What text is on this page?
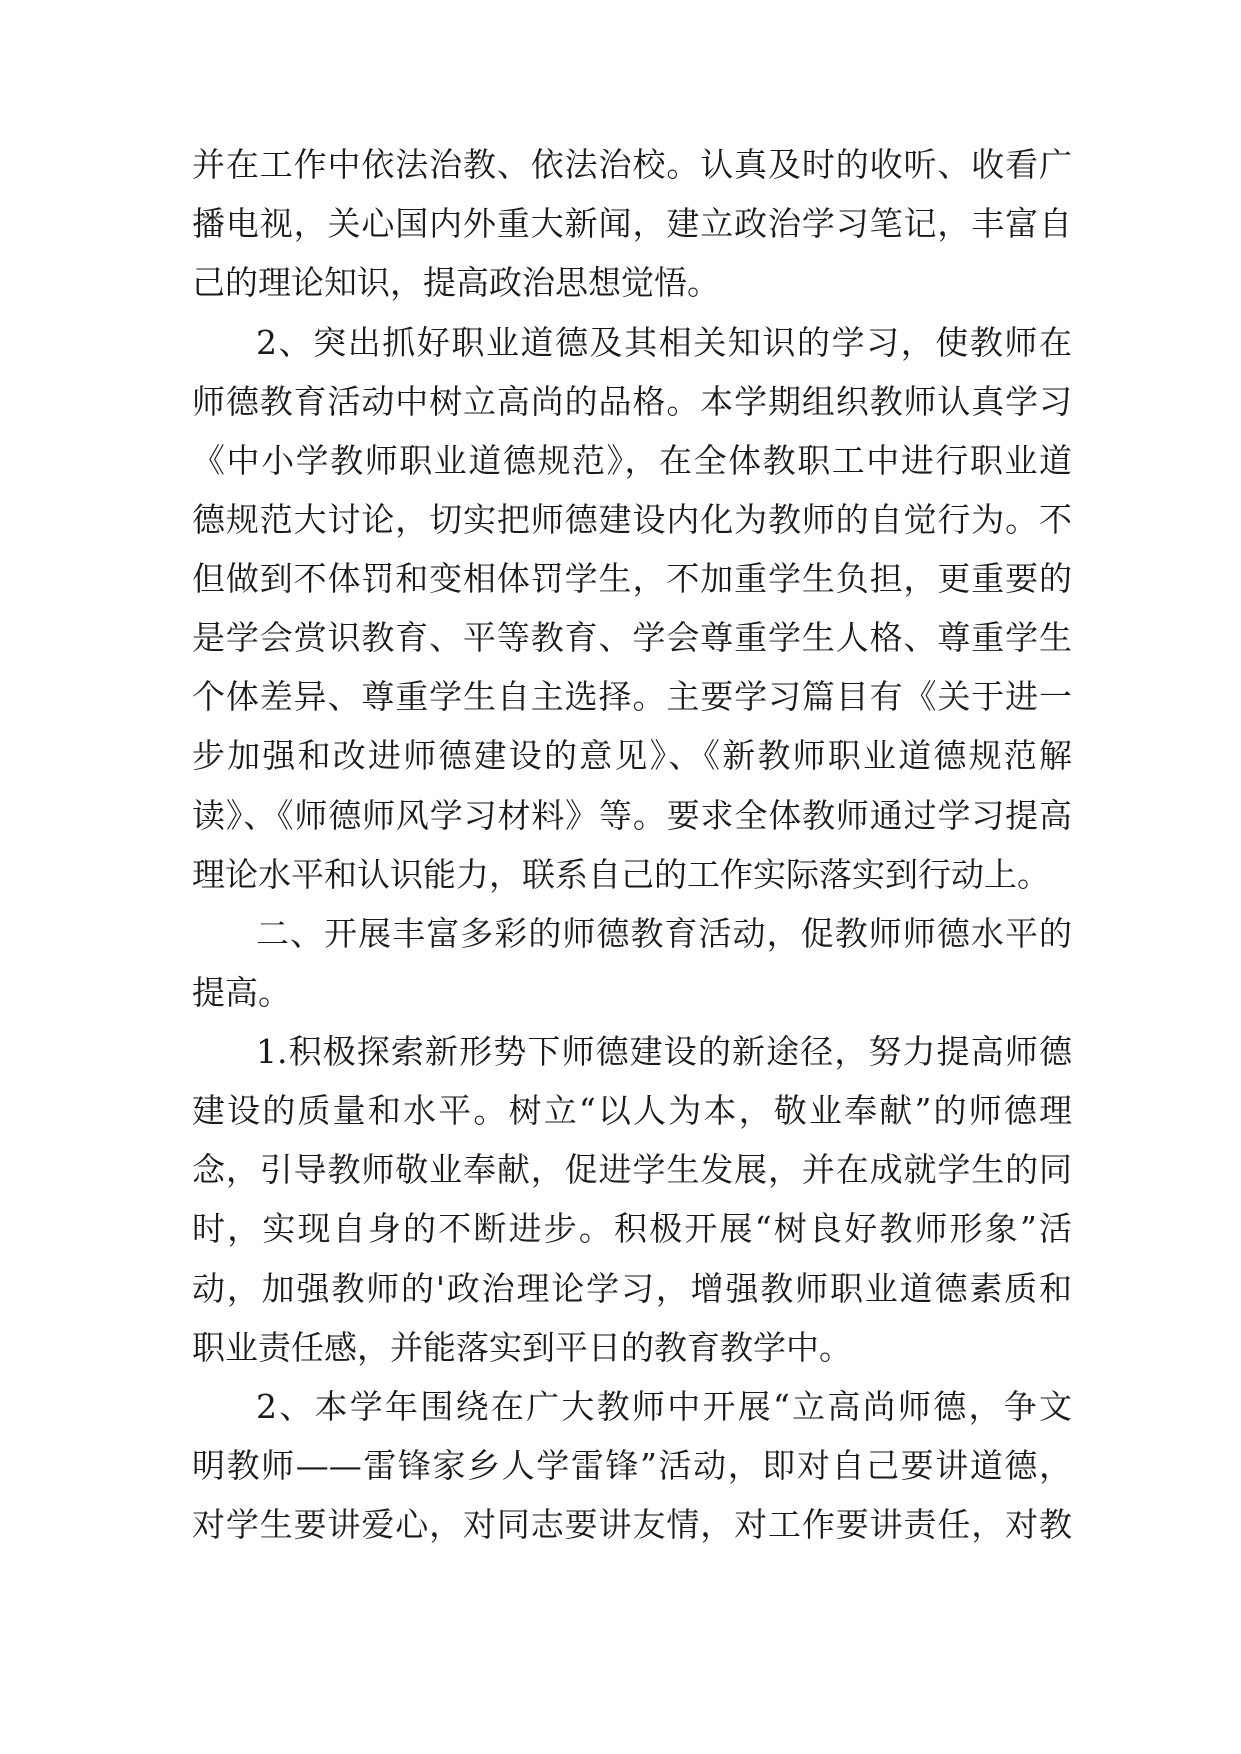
并在工作中依法治教、依法治校。认真及时的收听、收看广
播电视，关心国内外重大新闻，建立政治学习笔记，丰富自
己的理论知识，提高政治思想觉悟。
2、突出抓好职业道德及其相关知识的学习，使教师在
师德教育活动中树立高尚的品格。本学期组织教师认真学习
《中小学教师职业道德规范》，在全体教职工中进行职业道
德规范大讨论，切实把师德建设内化为教师的自觉行为。不
但做到不体罚和变相体罚学生，不加重学生负担，更重要的
是学会赏识教育、平等教育、学会尊重学生人格、尊重学生
个体差异、尊重学生自主选择。主要学习篇目有《关于进一
步加强和改进师德建设的意见》、《新教师职业道德规范解
读》、《师德师风学习材料》等。要求全体教师通过学习提高
理论水平和认识能力，联系自己的工作实际落实到行动上。
二、开展丰富多彩的师德教育活动，促教师师德水平的
提高。
1.积极探索新形势下师德建设的新途径，努力提高师德
建设的质量和水平。树立“以人为本，敬业奉献”的师德理
念，引导教师敬业奉献，促进学生发展，并在成就学生的同
时，实现自身的不断进步。积极开展“树良好教师形象”活
动，加强教师的'政治理论学习，增强教师职业道德素质和
职业责任感，并能落实到平日的教育教学中。
2、本学年围绕在广大教师中开展“立高尚师德，争文
明教师——雷锋家乡人学雷锋”活动，即对自己要讲道德，
对学生要讲爱心，对同志要讲友情，对工作要讲责任，对教
